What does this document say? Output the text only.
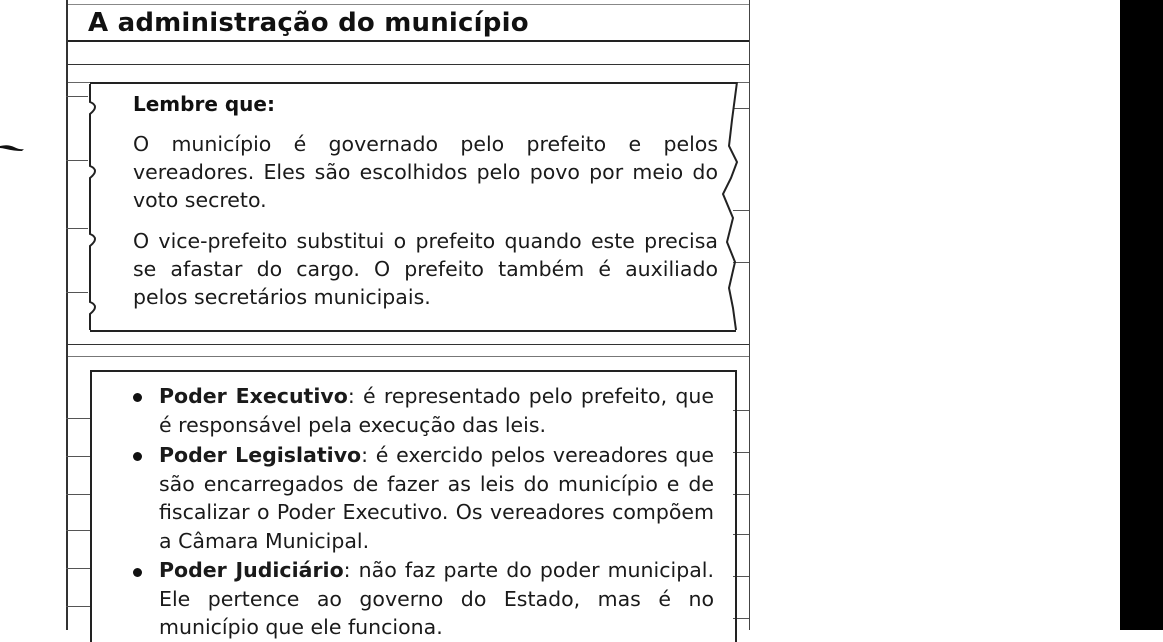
A administração do município
Lembre que:

O município é governado pelo prefeito e pelos vereadores. Eles são escolhidos pelo povo por meio do voto secreto.

O vice-prefeito substitui o prefeito quando este precisa se afastar do cargo. O prefeito também é auxiliado pelos secretários municipais.

Poder Executivo: é representado pelo prefeito, que é responsável pela execução das leis.

Poder Legislativo: é exercido pelos vereadores que são encarregados de fazer as leis do município e de fiscalizar o Poder Executivo. Os vereadores compõem a Câmara Municipal.

Poder Judiciário: não faz parte do poder municipal. Ele pertence ao governo do Estado, mas é no município que ele funciona.
